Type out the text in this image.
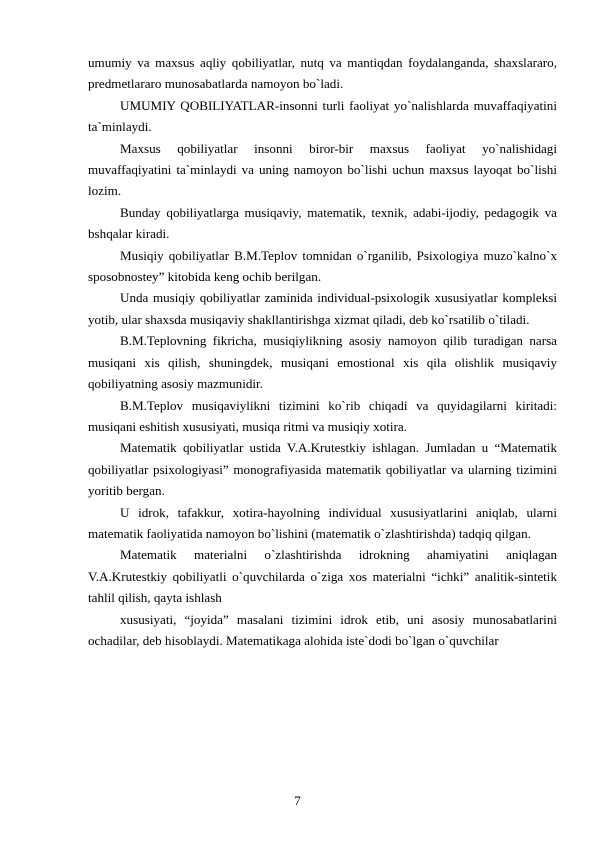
umumiy va maxsus aqliy qobiliyatlar, nutq va mantiqdan foydalanganda, shaxslararo, predmetlararo munosabatlarda namoyon bo`ladi.

UMUMIY QOBILIYATLAR-insonni turli faoliyat yo`nalishlarda muvaffaqiyatini ta`minlaydi.

Maxsus qobiliyatlar insonni biror-bir maxsus faoliyat yo`nalishidagi muvaffaqiyatini ta`minlaydi va uning namoyon bo`lishi uchun maxsus layoqat bo`lishi lozim.

Bunday qobiliyatlarga musiqaviy, matematik, texnik, adabi-ijodiy, pedagogik va bshqalar kiradi.

Musiqiy qobiliyatlar B.M.Teplov tomnidan o`rganilib, Psixologiya muzo`kalno`x sposobnostey” kitobida keng ochib berilgan.

Unda musiqiy qobiliyatlar zaminida individual-psixologik xususiyatlar kompleksi yotib, ular shaxsda musiqaviy shakllantirishga xizmat qiladi, deb ko`rsatilib o`tiladi.

B.M.Teplovning fikricha, musiqiylikning asosiy namoyon qilib turadigan narsa musiqani xis qilish, shuningdek, musiqani emostional xis qila olishlik musiqaviy qobiliyatning asosiy mazmunidir.

B.M.Teplov musiqaviylikni tizimini ko`rib chiqadi va quyidagilarni kiritadi: musiqani eshitish xususiyati, musiqa ritmi va musiqiy xotira.

Matematik qobiliyatlar ustida V.A.Krutestkiy ishlagan. Jumladan u “Matematik qobiliyatlar psixologiyasi” monografiyasida matematik qobiliyatlar va ularning tizimini yoritib bergan.

U idrok, tafakkur, xotira-hayolning individual xususiyatlarini aniqlab, ularni matematik faoliyatida namoyon bo`lishini (matematik o`zlashtirishda) tadqiq qilgan.

Matematik materialni o`zlashtirishda idrokning ahamiyatini aniqlagan V.A.Krutestkiy qobiliyatli o`quvchilarda o`ziga xos materialni “ichki” analitik-sintetik tahlil qilish, qayta ishlash

xususiyati, “joyida” masalani tizimini idrok etib, uni asosiy munosabatlarini ochadilar, deb hisoblaydi. Matematikaga alohida iste`dodi bo`lgan o`quvchilar

7
